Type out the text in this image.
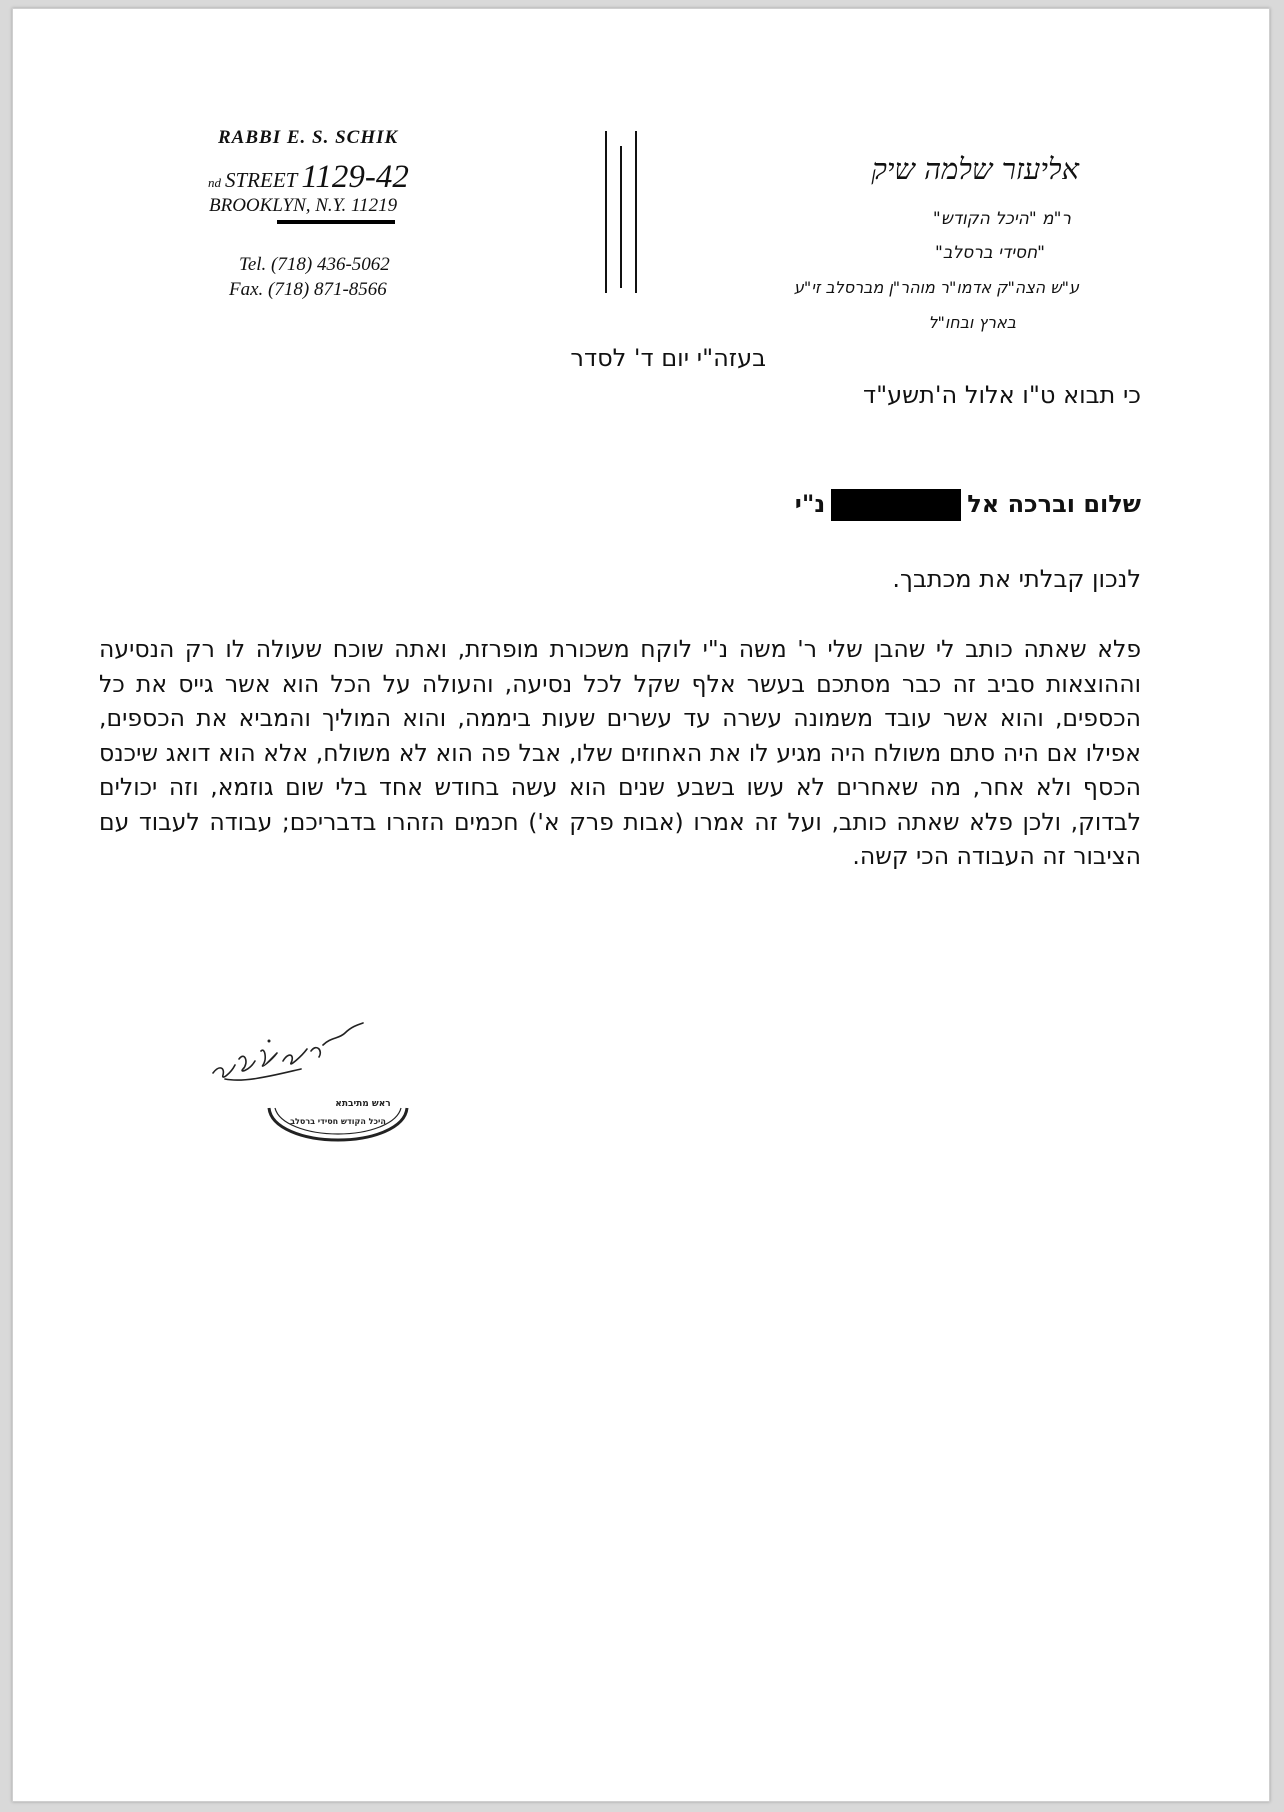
RABBI E. S. SCHIK
nd STREET 1129-42
BROOKLYN, N.Y. 11219
Tel. (718) 436-5062
Fax. (718) 871-8566
אליעזר שלמה שיק
ר"מ "היכל הקודש"
"חסידי ברסלב"
ע"ש הצה"ק אדמו"ר מוהר"ן מברסלב זי"ע
בארץ ובחו"ל
בעזה"י יום ד' לסדר
כי תבוא ט"ו אלול ה'תשע"ד
שלום וברכה אלנ"י
לנכון קבלתי את מכתבך.
פלא שאתה כותב לי שהבן שלי ר' משה נ"י לוקח משכורת מופרזת, ואתה שוכח שעולה לו רק הנסיעה וההוצאות סביב זה כבר מסתכם בעשר אלף שקל לכל נסיעה, והעולה על הכל הוא אשר גייס את כל הכספים, והוא אשר עובד משמונה עשרה עד עשרים שעות ביממה, והוא המוליך והמביא את הכספים, אפילו אם היה סתם משולח היה מגיע לו את האחוזים שלו, אבל פה הוא לא משולח, אלא הוא דואג שיכנס הכסף ולא אחר, מה שאחרים לא עשו בשבע שנים הוא עשה בחודש אחד בלי שום גוזמא, וזה יכולים לבדוק, ולכן פלא שאתה כותב, ועל זה אמרו (אבות פרק א') חכמים הזהרו בדבריכם; עבודה לעבוד עם הציבור זה העבודה הכי קשה.
ראש מתיבתא
היכל הקודש חסידי ברסלב
